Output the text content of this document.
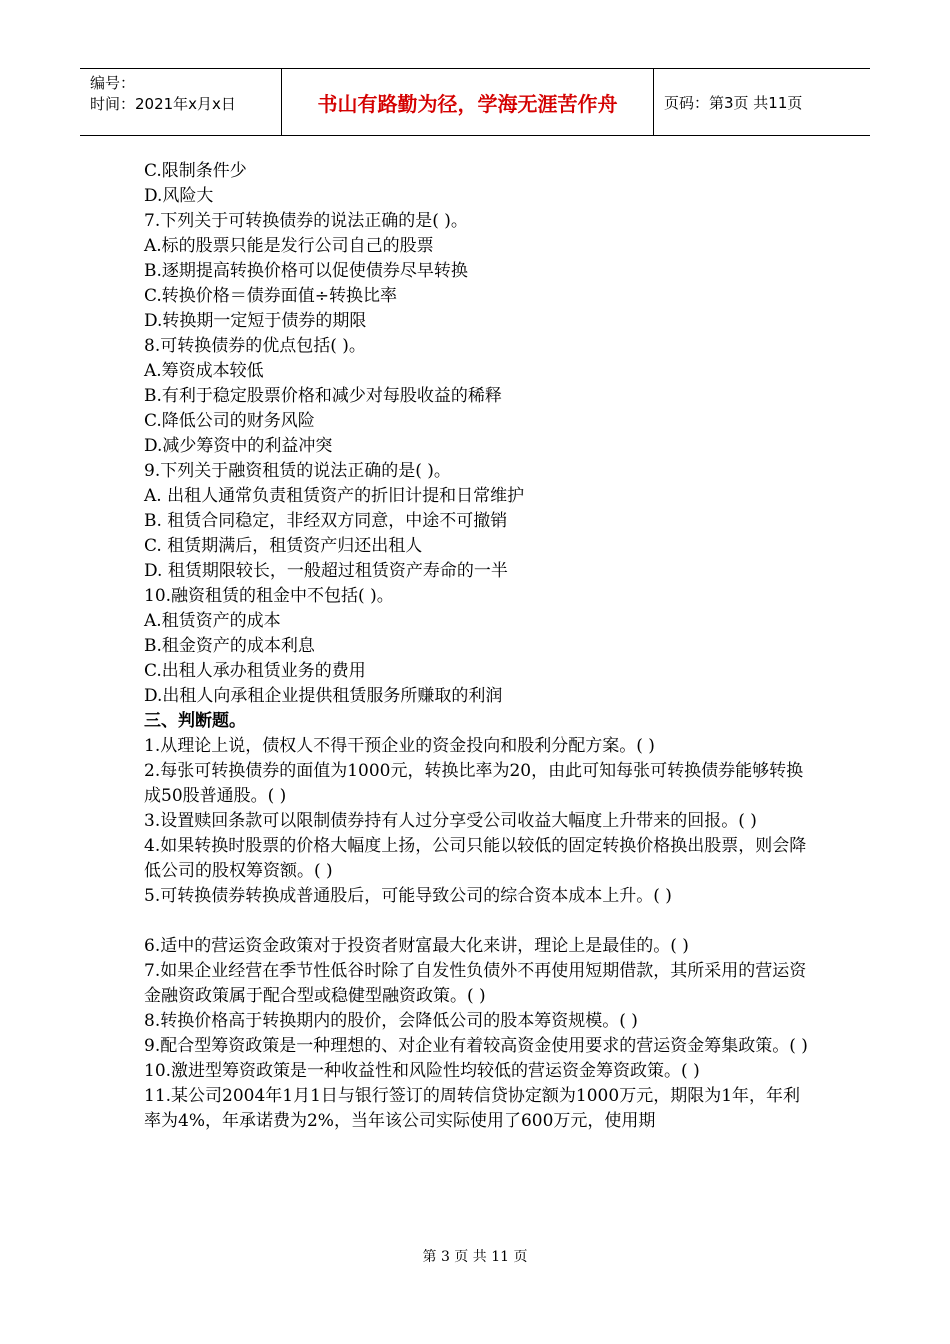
编号：
时间：2021年x月x日	书山有路勤为径，学海无涯苦作舟	页码：第3页 共11页
C.限制条件少
D.风险大
7.下列关于可转换债券的说法正确的是( )。
A.标的股票只能是发行公司自己的股票
B.逐期提高转换价格可以促使债券尽早转换
C.转换价格＝债券面值÷转换比率
D.转换期一定短于债券的期限
8.可转换债券的优点包括( )。
A.筹资成本较低
B.有利于稳定股票价格和减少对每股收益的稀释
C.降低公司的财务风险
D.减少筹资中的利益冲突
9.下列关于融资租赁的说法正确的是( )。
A. 出租人通常负责租赁资产的折旧计提和日常维护
B. 租赁合同稳定，非经双方同意，中途不可撤销
C. 租赁期满后，租赁资产归还出租人
D. 租赁期限较长，一般超过租赁资产寿命的一半
10.融资租赁的租金中不包括( )。
A.租赁资产的成本
B.租金资产的成本利息
C.出租人承办租赁业务的费用
D.出租人向承租企业提供租赁服务所赚取的利润
三、判断题。
1.从理论上说，债权人不得干预企业的资金投向和股利分配方案。( )
2.每张可转换债券的面值为1000元，转换比率为20，由此可知每张可转换债券能够转换成50股普通股。( )
3.设置赎回条款可以限制债券持有人过分享受公司收益大幅度上升带来的回报。( )
4.如果转换时股票的价格大幅度上扬，公司只能以较低的固定转换价格换出股票，则会降低公司的股权筹资额。( )
5.可转换债券转换成普通股后，可能导致公司的综合资本成本上升。( )
6.适中的营运资金政策对于投资者财富最大化来讲，理论上是最佳的。( )
7.如果企业经营在季节性低谷时除了自发性负债外不再使用短期借款，其所采用的营运资金融资政策属于配合型或稳健型融资政策。( )
8.转换价格高于转换期内的股价，会降低公司的股本筹资规模。( )
9.配合型筹资政策是一种理想的、对企业有着较高资金使用要求的营运资金筹集政策。( )
10.激进型筹资政策是一种收益性和风险性均较低的营运资金筹资政策。( )
11.某公司2004年1月1日与银行签订的周转信贷协定额为1000万元，期限为1年，年利率为4%，年承诺费为2%，当年该公司实际使用了600万元，使用期
第 3 页 共 11 页
